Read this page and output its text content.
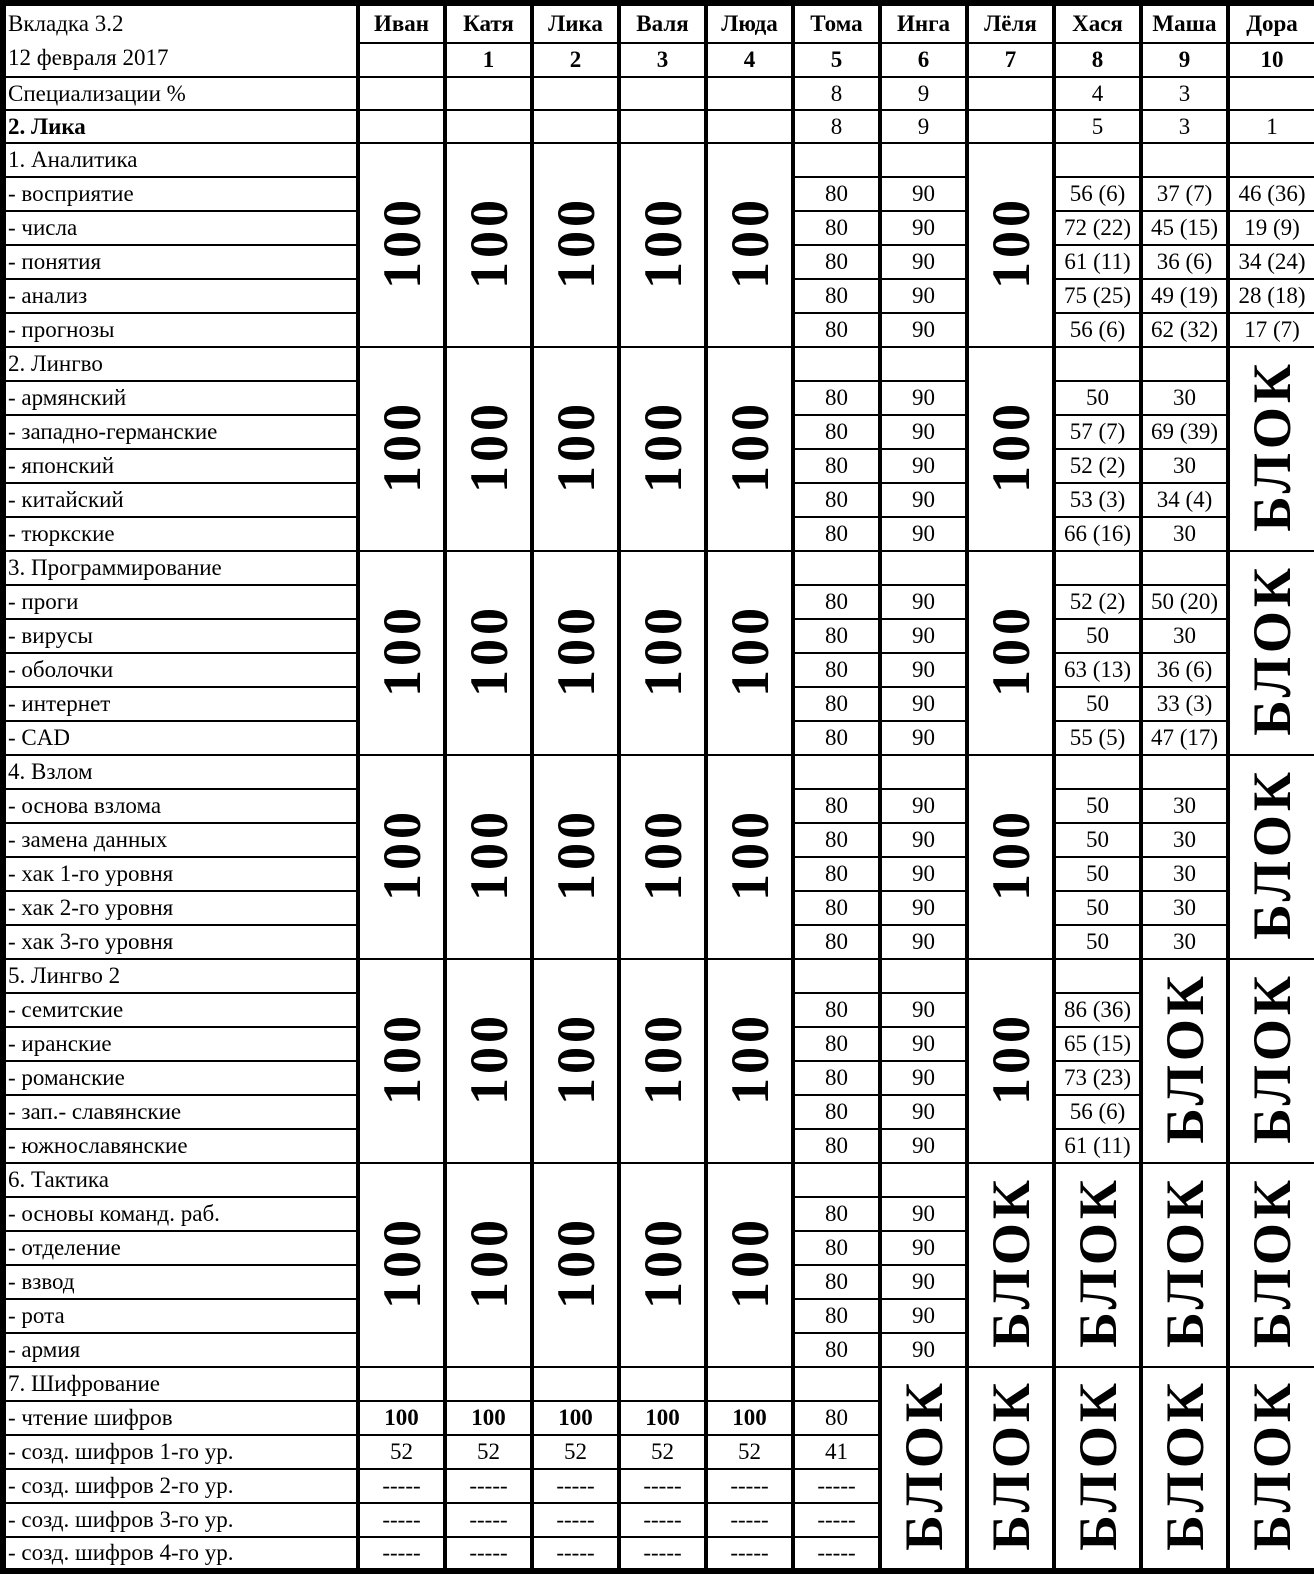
Вкладка 3.2
12 февраля 2017	Иван	Катя	Лика	Валя	Люда	Тома	Инга	Лёля	Хася	Маша	Дора
		1	2	3	4	5	6	7	8	9	10
Специализации %						8	9		4	3	
2. Лика						8	9		5	3	1
1. Аналитика	100	100	100	100	100			100			
- восприятие						80	90		56 (6)	37 (7)	46 (36)
- числа						80	90		72 (22)	45 (15)	19 (9)
- понятия						80	90		61 (11)	36 (6)	34 (24)
- анализ						80	90		75 (25)	49 (19)	28 (18)
- прогнозы						80	90		56 (6)	62 (32)	17 (7)
2. Лингво	100	100	100	100	100			100			БЛОК
- армянский						80	90		50	30	
- западно-германские						80	90		57 (7)	69 (39)	
- японский						80	90		52 (2)	30	
- китайский						80	90		53 (3)	34 (4)	
- тюркские						80	90		66 (16)	30	
3. Программирование	100	100	100	100	100			100			БЛОК
- проги						80	90		52 (2)	50 (20)	
- вирусы						80	90		50	30	
- оболочки						80	90		63 (13)	36 (6)	
- интернет						80	90		50	33 (3)	
- CAD						80	90		55 (5)	47 (17)	
4. Взлом	100	100	100	100	100			100			БЛОК
- основа взлома						80	90		50	30	
- замена данных						80	90		50	30	
- хак 1-го уровня						80	90		50	30	
- хак 2-го уровня						80	90		50	30	
- хак 3-го уровня						80	90		50	30	
5. Лингво 2	100	100	100	100	100			100		БЛОК	БЛОК
- семитские						80	90		86 (36)		
- иранские						80	90		65 (15)		
- романские						80	90		73 (23)		
- зап.- славянские						80	90		56 (6)		
- южнославянские						80	90		61 (11)		
6. Тактика	100	100	100	100	100			БЛОК	БЛОК	БЛОК	БЛОК
- основы команд. раб.						80	90				
- отделение						80	90				
- взвод						80	90				
- рота						80	90				
- армия						80	90				
7. Шифрование							БЛОК	БЛОК	БЛОК	БЛОК	БЛОК
- чтение шифров	100	100	100	100	100	80					
- созд. шифров 1-го ур.	52	52	52	52	52	41					
- созд. шифров 2-го ур.	-----	-----	-----	-----	-----	-----					
- созд. шифров 3-го ур.	-----	-----	-----	-----	-----	-----					
- созд. шифров 4-го ур.	-----	-----	-----	-----	-----	-----					
